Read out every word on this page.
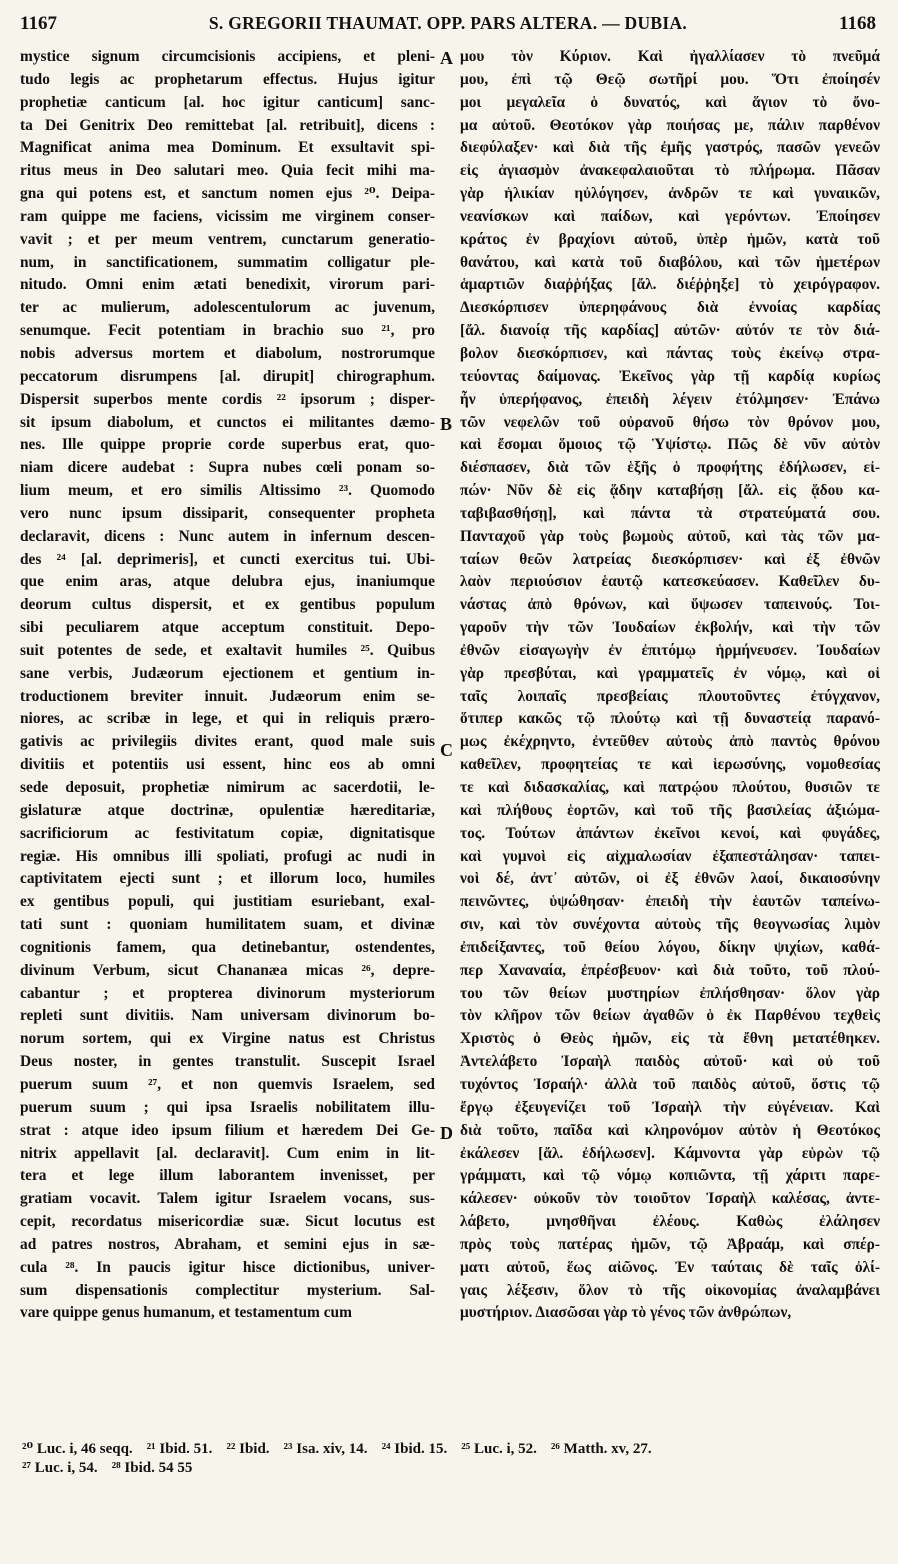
1167	S. GREGORII THAUMAT. OPP. PARS ALTERA. — DUBIA.	1168
mystice signum circumcisionis accipiens, et pleni-
tudo legis ac prophetarum effectus. Hujus igitur
prophetiæ canticum [al. hoc igitur canticum] sanc-
ta Dei Genitrix Deo remittebat [al. retribuit], dicens :
Magnificat anima mea Dominum. Et exsultavit spi-
ritus meus in Deo salutari meo. Quia fecit mihi ma-
gna qui potens est, et sanctum nomen ejus ²⁰. Deipa-
ram quippe me faciens, vicissim me virginem conser-
vavit ; et per meum ventrem, cunctarum generatio-
num, in sanctificationem, summatim colligatur ple-
nitudo. Omni enim ætati benedixit, virorum pari-
ter ac mulierum, adolescentulorum ac juvenum,
senumque. Fecit potentiam in brachio suo ²¹, pro
nobis adversus mortem et diabolum, nostrorumque
peccatorum disrumpens [al. dirupit] chirographum.
Dispersit superbos mente cordis ²² ipsorum ; disper-
sit ipsum diabolum, et cunctos ei militantes dæmo-
nes. Ille quippe proprie corde superbus erat, quo-
niam dicere audebat : Supra nubes cœli ponam so-
lium meum, et ero similis Altissimo ²³. Quomodo
vero nunc ipsum dissiparit, consequenter propheta
declaravit, dicens : Nunc autem in infernum descen-
des ²⁴ [al. deprimeris], et cuncti exercitus tui. Ubi-
que enim aras, atque delubra ejus, inaniumque
deorum cultus dispersit, et ex gentibus populum
sibi peculiarem atque acceptum constituit. Depo-
suit potentes de sede, et exaltavit humiles ²⁵. Quibus
sane verbis, Judæorum ejectionem et gentium in-
troductionem breviter innuit. Judæorum enim se-
niores, ac scribæ in lege, et qui in reliquis præro-
gativis ac privilegiis divites erant, quod male suis
divitiis et potentiis usi essent, hinc eos ab omni
sede deposuit, prophetiæ nimirum ac sacerdotii, le-
gislaturæ atque doctrinæ, opulentiæ hæreditariæ,
sacrificiorum ac festivitatum copiæ, dignitatisque
regiæ. His omnibus illi spoliati, profugi ac nudi in
captivitatem ejecti sunt ; et illorum loco, humiles
ex gentibus populi, qui justitiam esuriebant, exal-
tati sunt : quoniam humilitatem suam, et divinæ
cognitionis famem, qua detinebantur, ostendentes,
divinum Verbum, sicut Chananæa micas ²⁶, depre-
cabantur ; et propterea divinorum mysteriorum
repleti sunt divitiis. Nam universam divinorum bo-
norum sortem, qui ex Virgine natus est Christus
Deus noster, in gentes transtulit. Suscepit Israel
puerum suum ²⁷, et non quemvis Israelem, sed
puerum suum ; qui ipsa Israelis nobilitatem illu-
strat : atque ideo ipsum filium et hæredem Dei Ge-
nitrix appellavit [al. declaravit]. Cum enim in lit-
tera et lege illum laborantem invenisset, per
gratiam vocavit. Talem igitur Israelem vocans, sus-
cepit, recordatus misericordiæ suæ. Sicut locutus est
ad patres nostros, Abraham, et semini ejus in sæ-
cula ²⁸. In paucis igitur hisce dictionibus, univer-
sum dispensationis complectitur mysterium. Sal-
vare quippe genus humanum, et testamentum cum
A
B
C
D
μου τὸν Κύριον. Καὶ ἠγαλλίασεν τὸ πνεῦμά
μου, ἐπὶ τῷ Θεῷ σωτῆρί μου. Ὅτι ἐποίησέν
μοι μεγαλεῖα ὁ δυνατός, καὶ ἅγιον τὸ ὄνο-
μα αὐτοῦ. Θεοτόκον γὰρ ποιήσας με, πάλιν παρθένον
διεφύλαξεν· καὶ διὰ τῆς ἐμῆς γαστρός, πασῶν γενεῶν
εἰς ἁγιασμὸν ἀνακεφαλαιοῦται τὸ πλήρωμα. Πᾶσαν
γὰρ ἡλικίαν ηὐλόγησεν, ἀνδρῶν τε καὶ γυναικῶν,
νεανίσκων καὶ παίδων, καὶ γερόντων. Ἐποίησεν
κράτος ἐν βραχίονι αὐτοῦ, ὑπὲρ ἡμῶν, κατὰ τοῦ
θανάτου, καὶ κατὰ τοῦ διαβόλου, καὶ τῶν ἡμετέρων
ἁμαρτιῶν διαῤῥήξας [ἄλ. διέῤῥηξε] τὸ χειρόγραφον.
Διεσκόρπισεν ὑπερηφάνους διὰ ἐννοίας καρδίας
[ἄλ. διανοίᾳ τῆς καρδίας] αὐτῶν· αὐτόν τε τὸν διά-
βολον διεσκόρπισεν, καὶ πάντας τοὺς ἐκείνῳ στρα-
τεύοντας δαίμονας. Ἐκεῖνος γὰρ τῇ καρδίᾳ κυρίως
ἦν ὑπερήφανος, ἐπειδὴ λέγειν ἐτόλμησεν· Ἐπάνω
τῶν νεφελῶν τοῦ οὐρανοῦ θήσω τὸν θρόνον μου,
καὶ ἔσομαι ὅμοιος τῷ Ὑψίστῳ. Πῶς δὲ νῦν αὐτὸν
διέσπασεν, διὰ τῶν ἑξῆς ὁ προφήτης ἐδήλωσεν, εἰ-
πών· Νῦν δὲ εἰς ᾅδην καταβήσῃ [ἄλ. εἰς ᾅδου κα-
ταβιβασθήσῃ], καὶ πάντα τὰ στρατεύματά σου.
Πανταχοῦ γὰρ τοὺς βωμοὺς αὐτοῦ, καὶ τὰς τῶν μα-
ταίων θεῶν λατρείας διεσκόρπισεν· καὶ ἐξ ἐθνῶν
λαὸν περιούσιον ἑαυτῷ κατεσκεύασεν. Καθεῖλεν δυ-
νάστας ἀπὸ θρόνων, καὶ ὕψωσεν ταπεινούς. Τοι-
γαροῦν τὴν τῶν Ἰουδαίων ἐκβολήν, καὶ τὴν τῶν
ἐθνῶν εἰσαγωγὴν ἐν ἐπιτόμῳ ἡρμήνευσεν. Ἰουδαίων
γὰρ πρεσβύται, καὶ γραμματεῖς ἐν νόμῳ, καὶ οἱ
ταῖς λοιπαῖς πρεσβείαις πλουτοῦντες ἐτύγχανον,
ὅτιπερ κακῶς τῷ πλούτῳ καὶ τῇ δυναστείᾳ παρανό-
μως ἐκέχρηντο, ἐντεῦθεν αὐτοὺς ἀπὸ παντὸς θρόνου
καθεῖλεν, προφητείας τε καὶ ἱερωσύνης, νομοθεσίας
τε καὶ διδασκαλίας, καὶ πατρῴου πλούτου, θυσιῶν τε
καὶ πλήθους ἑορτῶν, καὶ τοῦ τῆς βασιλείας ἀξιώμα-
τος. Τούτων ἁπάντων ἐκεῖνοι κενοί, καὶ φυγάδες,
καὶ γυμνοὶ εἰς αἰχμαλωσίαν ἐξαπεστάλησαν· ταπει-
νοὶ δέ, ἀντ᾽ αὐτῶν, οἱ ἐξ ἐθνῶν λαοί, δικαιοσύνην
πεινῶντες, ὑψώθησαν· ἐπειδὴ τὴν ἑαυτῶν ταπείνω-
σιν, καὶ τὸν συνέχοντα αὐτοὺς τῆς θεογνωσίας λιμὸν
ἐπιδείξαντες, τοῦ θείου λόγου, δίκην ψιχίων, καθά-
περ Χαναναία, ἐπρέσβευον· καὶ διὰ τοῦτο, τοῦ πλού-
του τῶν θείων μυστηρίων ἐπλήσθησαν· ὅλον γὰρ
τὸν κλῆρον τῶν θείων ἀγαθῶν ὁ ἐκ Παρθένου τεχθεὶς
Χριστὸς ὁ Θεὸς ἡμῶν, εἰς τὰ ἔθνη μετατέθηκεν.
Ἀντελάβετο Ἰσραὴλ παιδὸς αὐτοῦ· καὶ οὐ τοῦ
τυχόντος Ἰσραήλ· ἀλλὰ τοῦ παιδὸς αὐτοῦ, ὅστις τῷ
ἔργῳ ἐξευγενίζει τοῦ Ἰσραὴλ τὴν εὐγένειαν. Καὶ
διὰ τοῦτο, παῖδα καὶ κληρονόμον αὐτὸν ἡ Θεοτόκος
ἐκάλεσεν [ἄλ. ἐδήλωσεν]. Κάμνοντα γὰρ εὑρὼν τῷ
γράμματι, καὶ τῷ νόμῳ κοπιῶντα, τῇ χάριτι παρε-
κάλεσεν· οὐκοῦν τὸν τοιοῦτον Ἰσραὴλ καλέσας, ἀντε-
λάβετο, μνησθῆναι ἐλέους. Καθὼς ἐλάλησεν
πρὸς τοὺς πατέρας ἡμῶν, τῷ Ἀβραάμ, καὶ σπέρ-
ματι αὐτοῦ, ἕως αἰῶνος. Ἐν ταύταις δὲ ταῖς ὀλί-
γαις λέξεσιν, ὅλον τὸ τῆς οἰκονομίας ἀναλαμβάνει
μυστήριον. Διασῶσαι γὰρ τὸ γένος τῶν ἀνθρώπων,
²⁰ Luc. i, 46 seqq. ²¹ Ibid. 51. ²² Ibid. ²³ Isa. xiv, 14. ²⁴ Ibid. 15. ²⁵ Luc. i, 52. ²⁶ Matth. xv, 27.
²⁷ Luc. i, 54. ²⁸ Ibid. 54 55
